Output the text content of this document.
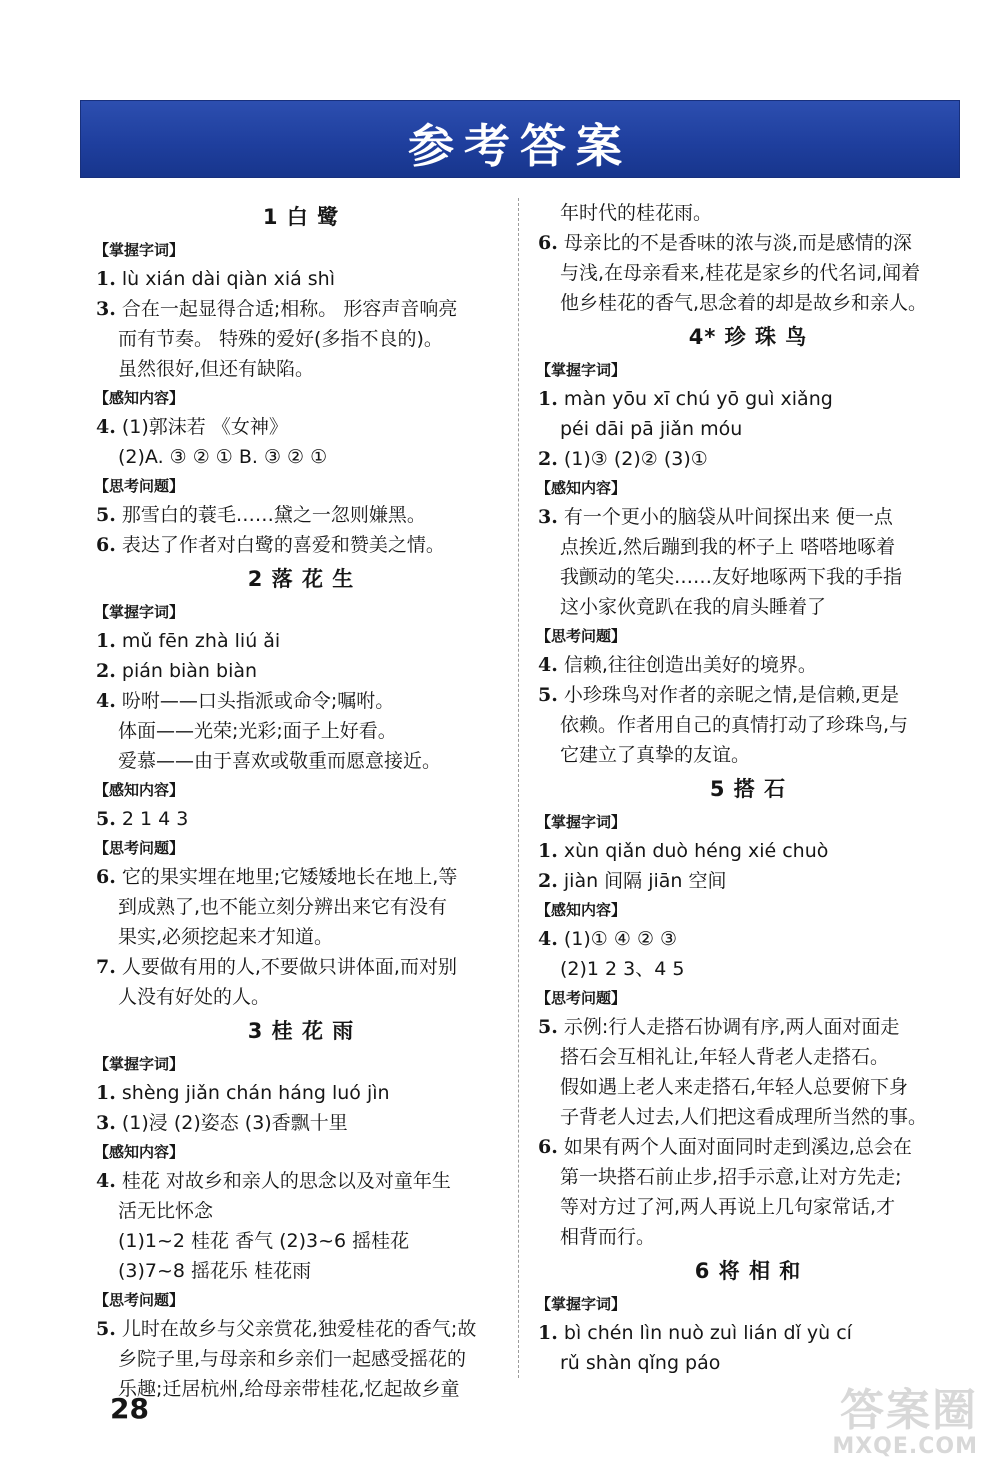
参考答案
1 白 鹭
【掌握字词】
1. lù xián dài qiàn xiá shì
3. 合在一起显得合适;相称。 形容声音响亮
而有节奏。 特殊的爱好(多指不良的)。
虽然很好,但还有缺陷。
【感知内容】
4. (1)郭沫若 《女神》
(2)A. ③ ② ① B. ③ ② ①
【思考问题】
5. 那雪白的蓑毛……黛之一忽则嫌黑。
6. 表达了作者对白鹭的喜爱和赞美之情。
2 落 花 生
【掌握字词】
1. mǔ fēn zhà liú ǎi
2. pián biàn biàn
4. 吩咐——口头指派或命令;嘱咐。
体面——光荣;光彩;面子上好看。
爱慕——由于喜欢或敬重而愿意接近。
【感知内容】
5. 2 1 4 3
【思考问题】
6. 它的果实埋在地里;它矮矮地长在地上,等
到成熟了,也不能立刻分辨出来它有没有
果实,必须挖起来才知道。
7. 人要做有用的人,不要做只讲体面,而对别
人没有好处的人。
3 桂 花 雨
【掌握字词】
1. shèng jiǎn chán háng luó jìn
3. (1)浸 (2)姿态 (3)香飘十里
【感知内容】
4. 桂花 对故乡和亲人的思念以及对童年生
活无比怀念
(1)1~2 桂花 香气 (2)3~6 摇桂花
(3)7~8 摇花乐 桂花雨
【思考问题】
5. 儿时在故乡与父亲赏花,独爱桂花的香气;故
乡院子里,与母亲和乡亲们一起感受摇花的
乐趣;迁居杭州,给母亲带桂花,忆起故乡童
年时代的桂花雨。
6. 母亲比的不是香味的浓与淡,而是感情的深
与浅,在母亲看来,桂花是家乡的代名词,闻着
他乡桂花的香气,思念着的却是故乡和亲人。
4* 珍 珠 鸟
【掌握字词】
1. màn yōu xī chú yō guì xiǎng
péi dāi pā jiǎn móu
2. (1)③ (2)② (3)①
【感知内容】
3. 有一个更小的脑袋从叶间探出来 便一点
点挨近,然后蹦到我的杯子上 嗒嗒地啄着
我颤动的笔尖……友好地啄两下我的手指
这小家伙竟趴在我的肩头睡着了
【思考问题】
4. 信赖,往往创造出美好的境界。
5. 小珍珠鸟对作者的亲昵之情,是信赖,更是
依赖。作者用自己的真情打动了珍珠鸟,与
它建立了真挚的友谊。
5 搭 石
【掌握字词】
1. xùn qiǎn duò héng xié chuò
2. jiàn 间隔 jiān 空间
【感知内容】
4. (1)① ④ ② ③
(2)1 2 3、4 5
【思考问题】
5. 示例:行人走搭石协调有序,两人面对面走
搭石会互相礼让,年轻人背老人走搭石。
假如遇上老人来走搭石,年轻人总要俯下身
子背老人过去,人们把这看成理所当然的事。
6. 如果有两个人面对面同时走到溪边,总会在
第一块搭石前止步,招手示意,让对方先走;
等对方过了河,两人再说上几句家常话,才
相背而行。
6 将 相 和
【掌握字词】
1. bì chén lìn nuò zuì lián dǐ yù cí
rǔ shàn qǐng páo
28	答案圈
MXQE.COM
